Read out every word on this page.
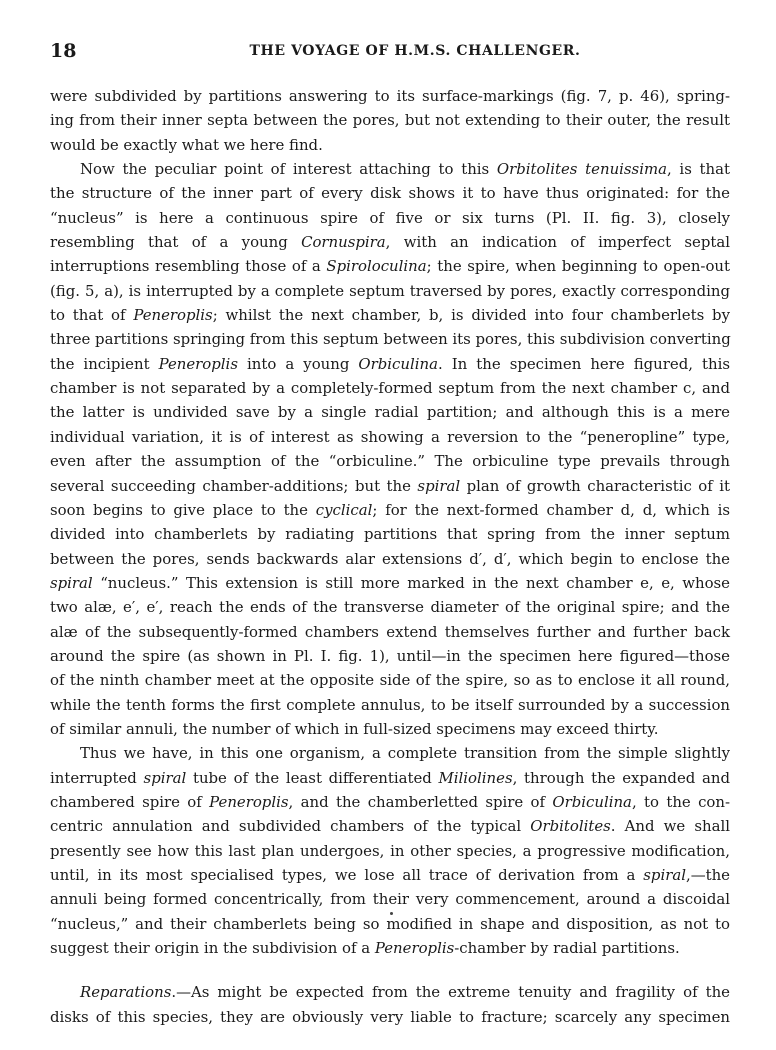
18	THE VOYAGE OF H.M.S. CHALLENGER.
were subdivided by partitions answering to its surface-markings (fig. 7, p. 46), spring-
ing from their inner septa between the pores, but not extending to their outer, the result
would be exactly what we here find.
Now the peculiar point of interest attaching to this Orbitolites tenuissima, is that
the structure of the inner part of every disk shows it to have thus originated: for the
“nucleus” is here a continuous spire of five or six turns (Pl. II. fig. 3), closely
resembling that of a young Cornuspira, with an indication of imperfect septal
interruptions resembling those of a Spiroloculina; the spire, when beginning to open-out
(fig. 5, a), is interrupted by a complete septum traversed by pores, exactly corresponding
to that of Peneroplis; whilst the next chamber, b, is divided into four chamberlets by
three partitions springing from this septum between its pores, this subdivision converting
the incipient Peneroplis into a young Orbiculina. In the specimen here figured, this
chamber is not separated by a completely-formed septum from the next chamber c, and
the latter is undivided save by a single radial partition; and although this is a mere
individual variation, it is of interest as showing a reversion to the “peneropline” type,
even after the assumption of the “orbiculine.” The orbiculine type prevails through
several succeeding chamber-additions; but the spiral plan of growth characteristic of it
soon begins to give place to the cyclical; for the next-formed chamber d, d, which is
divided into chamberlets by radiating partitions that spring from the inner septum
between the pores, sends backwards alar extensions d′, d′, which begin to enclose the
spiral “nucleus.” This extension is still more marked in the next chamber e, e, whose
two alæ, e′, e′, reach the ends of the transverse diameter of the original spire; and the
alæ of the subsequently-formed chambers extend themselves further and further back
around the spire (as shown in Pl. I. fig. 1), until—in the specimen here figured—those
of the ninth chamber meet at the opposite side of the spire, so as to enclose it all round,
while the tenth forms the first complete annulus, to be itself surrounded by a succession
of similar annuli, the number of which in full-sized specimens may exceed thirty.
Thus we have, in this one organism, a complete transition from the simple slightly
interrupted spiral tube of the least differentiated Miliolines, through the expanded and
chambered spire of Peneroplis, and the chamberletted spire of Orbiculina, to the con-
centric annulation and subdivided chambers of the typical Orbitolites. And we shall
presently see how this last plan undergoes, in other species, a progressive modification,
until, in its most specialised types, we lose all trace of derivation from a spiral,—the
annuli being formed concentrically, from their very commencement, around a discoidal
“nucleus,” and their chamberlets being so modified in shape and disposition, as not to
suggest their origin in the subdivision of a Peneroplis-chamber by radial partitions.
Reparations.—As might be expected from the extreme tenuity and fragility of the
disks of this species, they are obviously very liable to fracture; scarcely any specimen
